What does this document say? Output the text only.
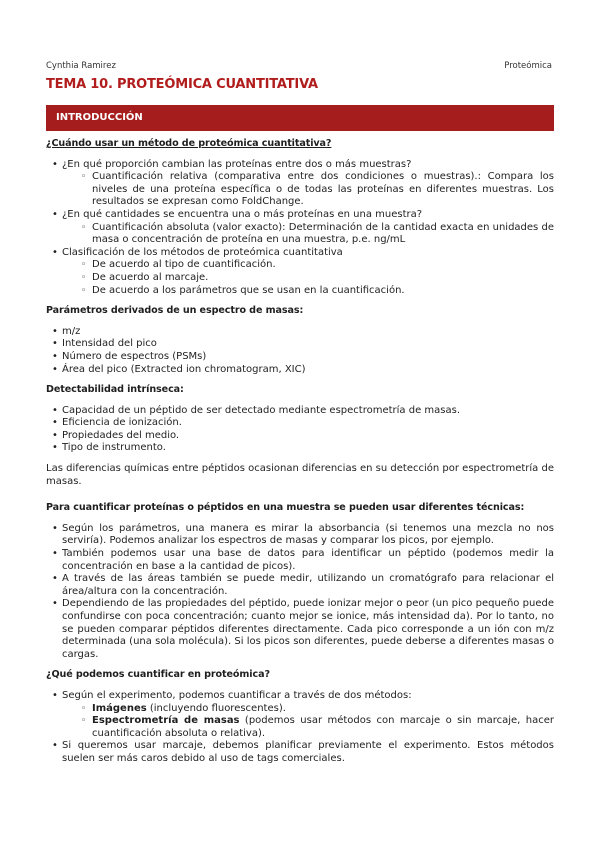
Cynthia Ramirez	Proteómica
TEMA 10. PROTEÓMICA CUANTITATIVA
INTRODUCCIÓN
¿Cuándo usar un método de proteómica cuantitativa?
• ¿En qué proporción cambian las proteínas entre dos o más muestras?
◦ Cuantificación relativa (comparativa entre dos condiciones o muestras).: Compara los niveles de una proteína específica o de todas las proteínas en diferentes muestras. Los resultados se expresan como FoldChange.
• ¿En qué cantidades se encuentra una o más proteínas en una muestra?
◦ Cuantificación absoluta (valor exacto): Determinación de la cantidad exacta en unidades de masa o concentración de proteína en una muestra, p.e. ng/mL
• Clasificación de los métodos de proteómica cuantitativa
◦ De acuerdo al tipo de cuantificación.
◦ De acuerdo al marcaje.
◦ De acuerdo a los parámetros que se usan en la cuantificación.
Parámetros derivados de un espectro de masas:
• m/z
• Intensidad del pico
• Número de espectros (PSMs)
• Área del pico (Extracted ion chromatogram, XIC)
Detectabilidad intrínseca:
• Capacidad de un péptido de ser detectado mediante espectrometría de masas.
• Eficiencia de ionización.
• Propiedades del medio.
• Tipo de instrumento.

Las diferencias químicas entre péptidos ocasionan diferencias en su detección por espectrometría de masas.

Para cuantificar proteínas o péptidos en una muestra se pueden usar diferentes técnicas:
• Según los parámetros, una manera es mirar la absorbancia (si tenemos una mezcla no nos serviría). Podemos analizar los espectros de masas y comparar los picos, por ejemplo.
• También podemos usar una base de datos para identificar un péptido (podemos medir la concentración en base a la cantidad de picos).
• A través de las áreas también se puede medir, utilizando un cromatógrafo para relacionar el área/altura con la concentración.
• Dependiendo de las propiedades del péptido, puede ionizar mejor o peor (un pico pequeño puede confundirse con poca concentración; cuanto mejor se ionice, más intensidad da). Por lo tanto, no se pueden comparar péptidos diferentes directamente. Cada pico corresponde a un ión con m/z determinada (una sola molécula). Si los picos son diferentes, puede deberse a diferentes masas o cargas.
¿Qué podemos cuantificar en proteómica?
• Según el experimento, podemos cuantificar a través de dos métodos:
◦ Imágenes (incluyendo fluorescentes).
◦ Espectrometría de masas (podemos usar métodos con marcaje o sin marcaje, hacer cuantificación absoluta o relativa).
• Si queremos usar marcaje, debemos planificar previamente el experimento. Estos métodos suelen ser más caros debido al uso de tags comerciales.
